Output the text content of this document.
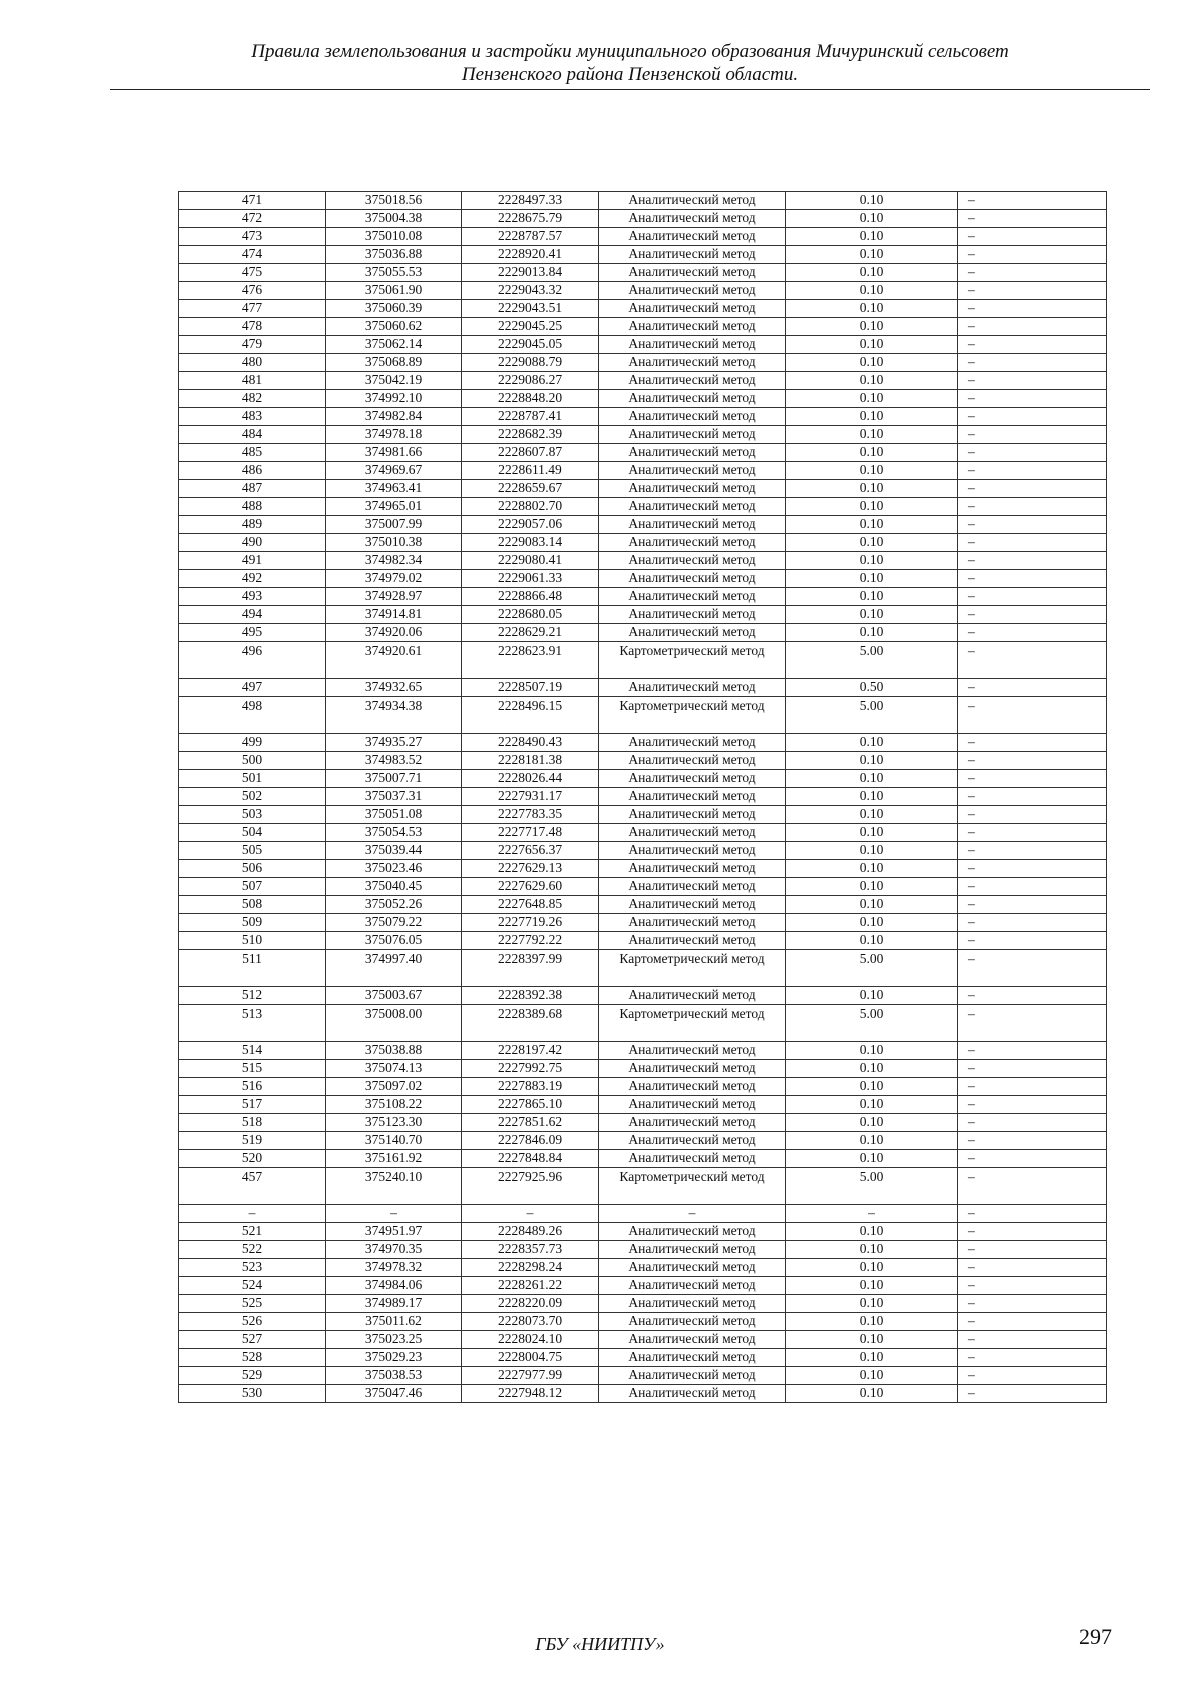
Правила землепользования и застройки муниципального образования Мичуринский сельсовет
Пензенского района Пензенской области.
471	375018.56	2228497.33	Аналитический метод	0.10	–
472	375004.38	2228675.79	Аналитический метод	0.10	–
473	375010.08	2228787.57	Аналитический метод	0.10	–
474	375036.88	2228920.41	Аналитический метод	0.10	–
475	375055.53	2229013.84	Аналитический метод	0.10	–
476	375061.90	2229043.32	Аналитический метод	0.10	–
477	375060.39	2229043.51	Аналитический метод	0.10	–
478	375060.62	2229045.25	Аналитический метод	0.10	–
479	375062.14	2229045.05	Аналитический метод	0.10	–
480	375068.89	2229088.79	Аналитический метод	0.10	–
481	375042.19	2229086.27	Аналитический метод	0.10	–
482	374992.10	2228848.20	Аналитический метод	0.10	–
483	374982.84	2228787.41	Аналитический метод	0.10	–
484	374978.18	2228682.39	Аналитический метод	0.10	–
485	374981.66	2228607.87	Аналитический метод	0.10	–
486	374969.67	2228611.49	Аналитический метод	0.10	–
487	374963.41	2228659.67	Аналитический метод	0.10	–
488	374965.01	2228802.70	Аналитический метод	0.10	–
489	375007.99	2229057.06	Аналитический метод	0.10	–
490	375010.38	2229083.14	Аналитический метод	0.10	–
491	374982.34	2229080.41	Аналитический метод	0.10	–
492	374979.02	2229061.33	Аналитический метод	0.10	–
493	374928.97	2228866.48	Аналитический метод	0.10	–
494	374914.81	2228680.05	Аналитический метод	0.10	–
495	374920.06	2228629.21	Аналитический метод	0.10	–
496	374920.61	2228623.91	Картометрический метод	5.00	–
497	374932.65	2228507.19	Аналитический метод	0.50	–
498	374934.38	2228496.15	Картометрический метод	5.00	–
499	374935.27	2228490.43	Аналитический метод	0.10	–
500	374983.52	2228181.38	Аналитический метод	0.10	–
501	375007.71	2228026.44	Аналитический метод	0.10	–
502	375037.31	2227931.17	Аналитический метод	0.10	–
503	375051.08	2227783.35	Аналитический метод	0.10	–
504	375054.53	2227717.48	Аналитический метод	0.10	–
505	375039.44	2227656.37	Аналитический метод	0.10	–
506	375023.46	2227629.13	Аналитический метод	0.10	–
507	375040.45	2227629.60	Аналитический метод	0.10	–
508	375052.26	2227648.85	Аналитический метод	0.10	–
509	375079.22	2227719.26	Аналитический метод	0.10	–
510	375076.05	2227792.22	Аналитический метод	0.10	–
511	374997.40	2228397.99	Картометрический метод	5.00	–
512	375003.67	2228392.38	Аналитический метод	0.10	–
513	375008.00	2228389.68	Картометрический метод	5.00	–
514	375038.88	2228197.42	Аналитический метод	0.10	–
515	375074.13	2227992.75	Аналитический метод	0.10	–
516	375097.02	2227883.19	Аналитический метод	0.10	–
517	375108.22	2227865.10	Аналитический метод	0.10	–
518	375123.30	2227851.62	Аналитический метод	0.10	–
519	375140.70	2227846.09	Аналитический метод	0.10	–
520	375161.92	2227848.84	Аналитический метод	0.10	–
457	375240.10	2227925.96	Картометрический метод	5.00	–
–	–	–	–	–	–
521	374951.97	2228489.26	Аналитический метод	0.10	–
522	374970.35	2228357.73	Аналитический метод	0.10	–
523	374978.32	2228298.24	Аналитический метод	0.10	–
524	374984.06	2228261.22	Аналитический метод	0.10	–
525	374989.17	2228220.09	Аналитический метод	0.10	–
526	375011.62	2228073.70	Аналитический метод	0.10	–
527	375023.25	2228024.10	Аналитический метод	0.10	–
528	375029.23	2228004.75	Аналитический метод	0.10	–
529	375038.53	2227977.99	Аналитический метод	0.10	–
530	375047.46	2227948.12	Аналитический метод	0.10	–
ГБУ «НИИТПУ»	297
